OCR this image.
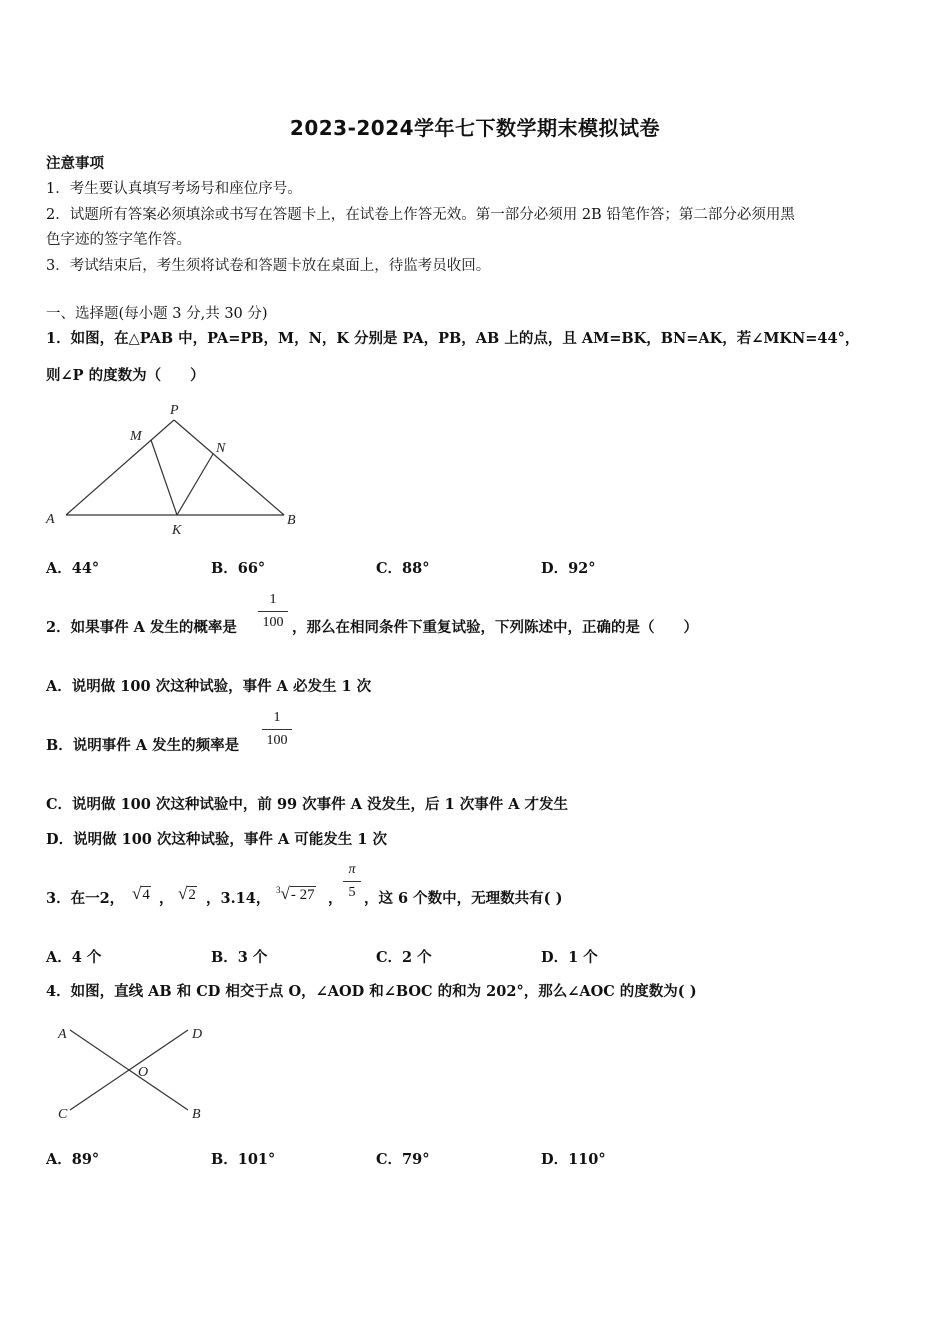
2023-2024学年七下数学期末模拟试卷
注意事项
1．考生要认真填写考场号和座位序号。
2．试题所有答案必须填涂或书写在答题卡上，在试卷上作答无效。第一部分必须用 2B 铅笔作答；第二部分必须用黑
色字迹的签字笔作答。
3．考试结束后，考生须将试卷和答题卡放在桌面上，待监考员收回。
一、选择题(每小题 3 分,共 30 分)
1．如图，在△PAB 中，PA=PB，M，N，K 分别是 PA，PB，AB 上的点，且 AM=BK，BN=AK，若∠MKN=44°，
则∠P 的度数为（　　）
P
M
N
A
K
B
A．44°	B．66°	C．88°	D．92°
2．如果事件 A 发生的概率是
1
100 ，那么在相同条件下重复试验，下列陈述中，正确的是（　　）
A．说明做 100 次这种试验，事件 A 必发生 1 次
B．说明事件 A 发生的频率是
1
100
C．说明做 100 次这种试验中，前 99 次事件 A 没发生，后 1 次事件 A 才发生
D．说明做 100 次这种试验，事件 A 可能发生 1 次
3．在一2， √4 ， √2 ，3.14， $^3$√- 27 ，
π
5 ，这 6 个数中，无理数共有( )
A．4 个	B．3 个	C．2 个	D．1 个
4．如图，直线 AB 和 CD 相交于点 O，∠AOD 和∠BOC 的和为 202°，那么∠AOC 的度数为( )
A	D
O
C	B
A．89°	B．101°	C．79°	D．110°
